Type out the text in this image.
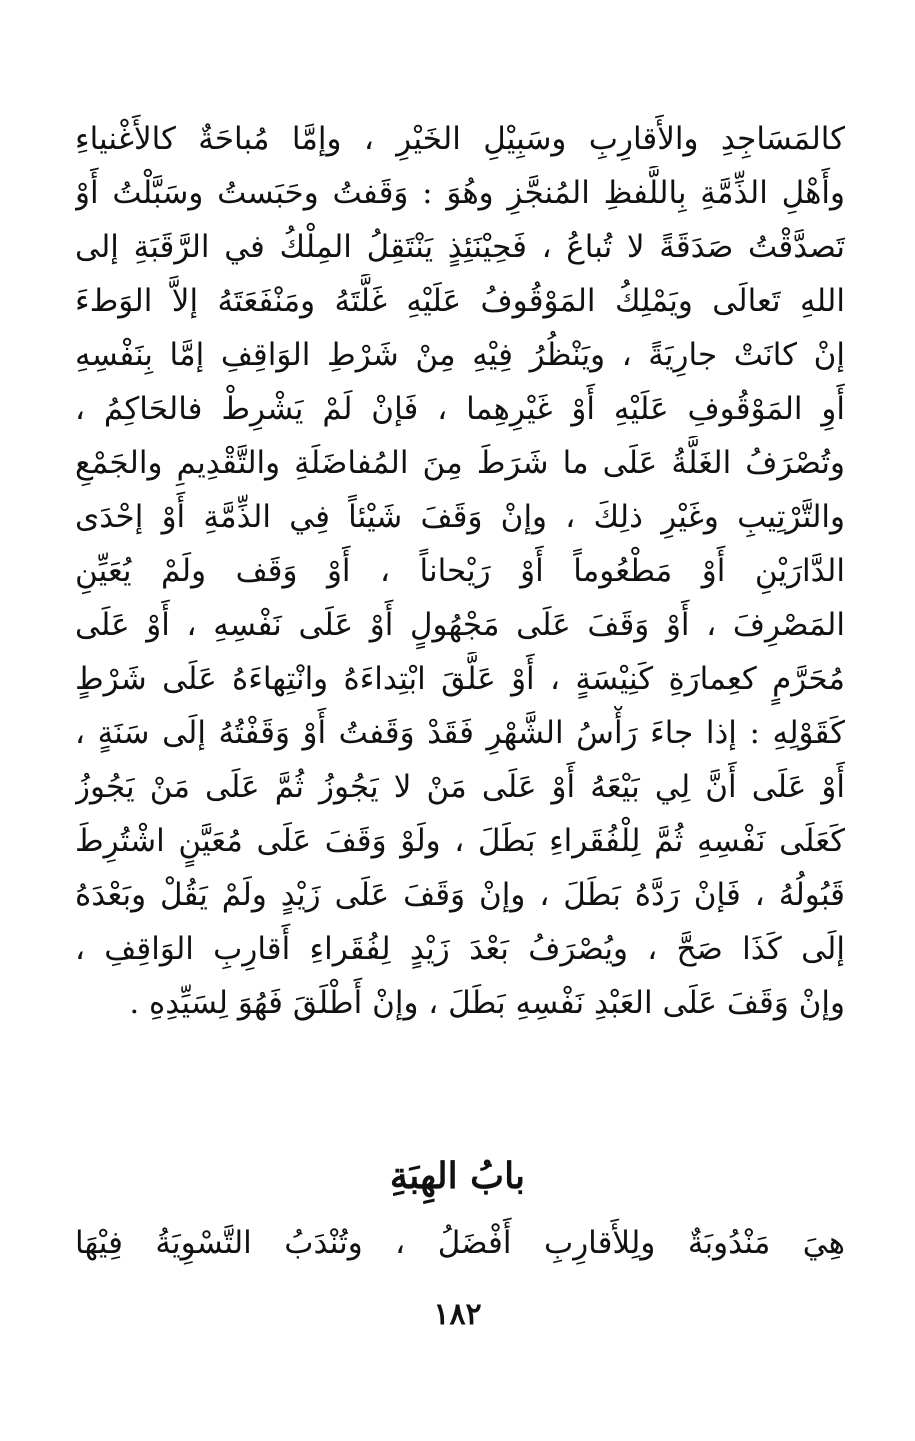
كالمَسَاجِدِ والأَقارِبِ وسَبِيْلِ الخَيْرِ ، وإمَّا مُباحَةٌ كالأَغْنياءِ
وأَهْلِ الذِّمَّةِ بِاللَّفظِ المُنجَّزِ وهُوَ : وَقَفتُ وحَبَستُ وسَبَّلْتُ أَوْ
تَصدَّقْتُ صَدَقَةً لا تُباعُ ، فَحِيْنَئِذٍ يَنْتَقِلُ المِلْكُ في الرَّقَبَةِ إلى
اللهِ تَعالَى ويَمْلِكُ المَوْقُوفُ عَلَيْهِ غَلَّتَهُ ومَنْفَعَتَهُ إلاَّ الوَطءَ
إنْ كانَتْ جارِيَةً ، ويَنْظُرُ فِيْهِ مِنْ شَرْطِ الوَاقِفِ إمَّا بِنَفْسِهِ
أَوِ المَوْقُوفِ عَلَيْهِ أَوْ غَيْرِهِما ، فَإنْ لَمْ يَشْرِطْ فالحَاكِمُ ،
وتُصْرَفُ الغَلَّةُ عَلَى ما شَرَطَ مِنَ المُفاضَلَةِ والتَّقْدِيمِ والجَمْعِ
والتَّرْتِيبِ وغَيْرِ ذلِكَ ، وإنْ وَقَفَ شَيْئاً فِي الذِّمَّةِ أَوْ إحْدَى
الدَّارَيْنِ أَوْ مَطْعُوماً أَوْ رَيْحاناً ، أَوْ وَقَف ولَمْ يُعَيِّنِ
المَصْرِفَ ، أَوْ وَقَفَ عَلَى مَجْهُولٍ أَوْ عَلَى نَفْسِهِ ، أَوْ عَلَى
مُحَرَّمٍ كعِمارَةِ كَنِيْسَةٍ ، أَوْ عَلَّقَ ابْتِداءَهُ وانْتِهاءَهُ عَلَى شَرْطٍ
كَقَوْلِهِ : إذا جاءَ رَأْسُ الشَّهْرِ فَقَدْ وَقَفتُ أَوْ وَقَفْتُهُ إلَى سَنَةٍ ،
أَوْ عَلَى أَنَّ لِي بَيْعَهُ أَوْ عَلَى مَنْ لا يَجُوزُ ثُمَّ عَلَى مَنْ يَجُوزُ
كَعَلَى نَفْسِهِ ثُمَّ لِلْفُقَراءِ بَطَلَ ، ولَوْ وَقَفَ عَلَى مُعَيَّنٍ اشْتُرِطَ
قَبُولُهُ ، فَإنْ رَدَّهُ بَطَلَ ، وإنْ وَقَفَ عَلَى زَيْدٍ ولَمْ يَقُلْ وبَعْدَهُ
إلَى كَذَا صَحَّ ، ويُصْرَفُ بَعْدَ زَيْدٍ لِفُقَراءِ أَقارِبِ الوَاقِفِ ،
وإنْ وَقَفَ عَلَى العَبْدِ نَفْسِهِ بَطَلَ ، وإنْ أَطْلَقَ فَهُوَ لِسَيِّدِهِ .
بابُ الهِبَةِ
هِيَ مَنْدُوبَةٌ ولِلأَقارِبِ أَفْضَلُ ، وتُنْدَبُ التَّسْوِيَةُ فِيْهَا
١٨٢
